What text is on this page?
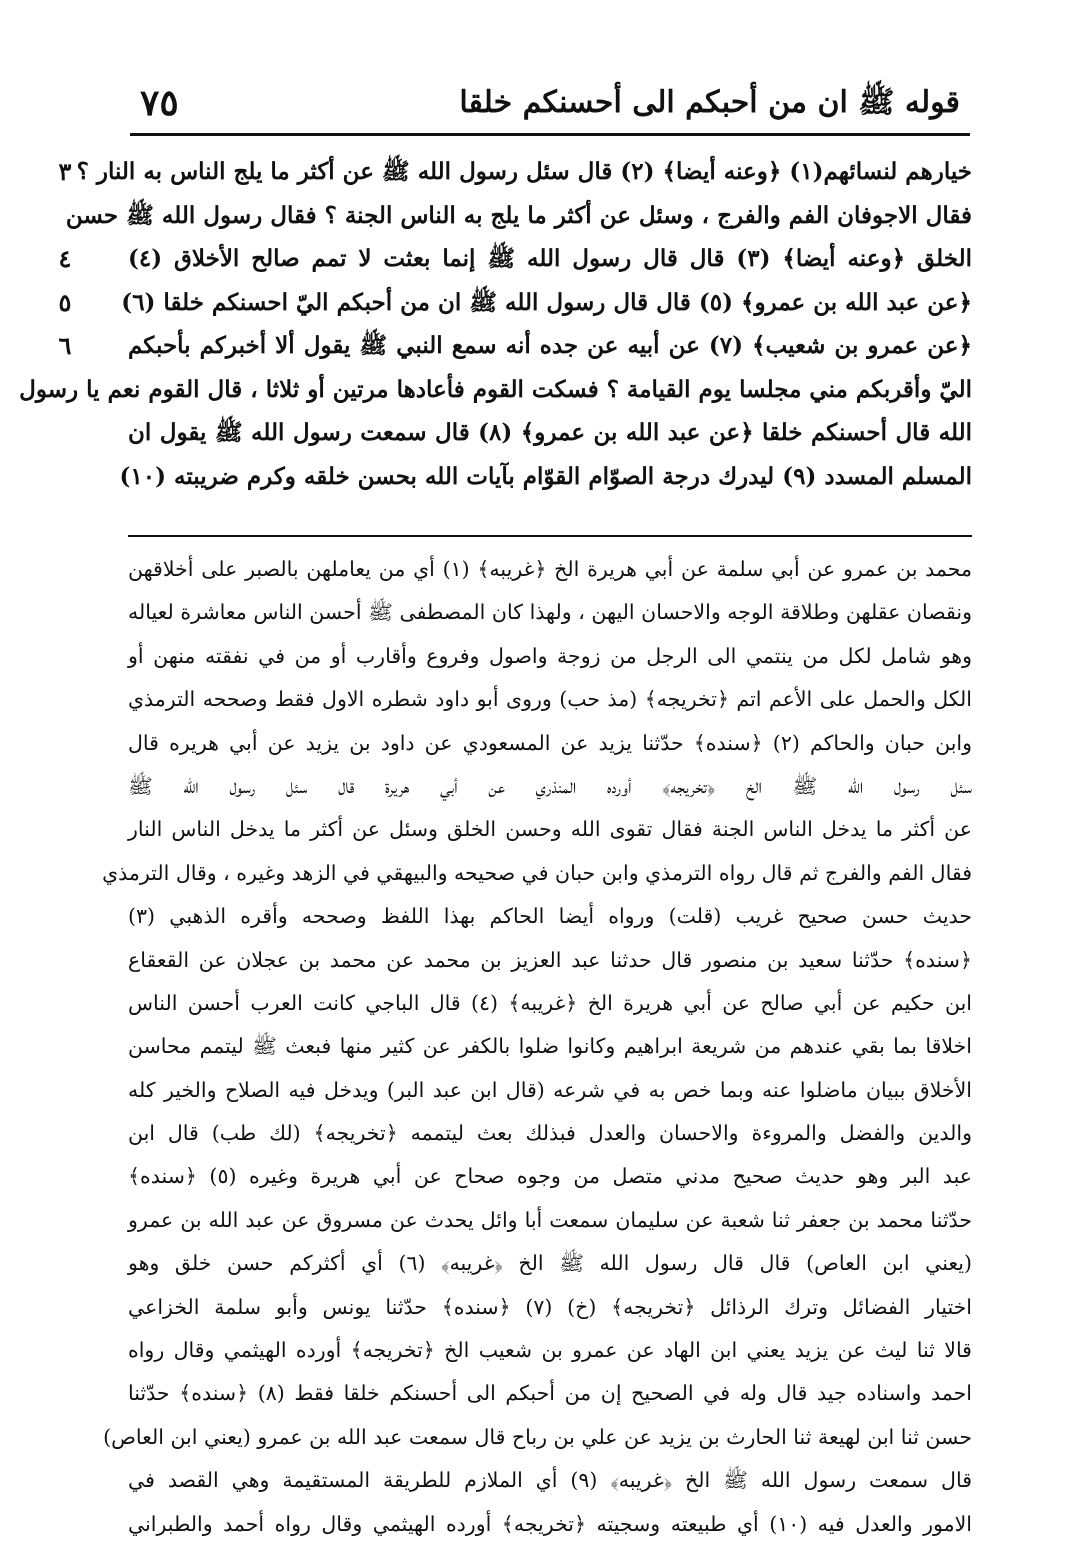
قوله ﷺ ان من أحبكم الى أحسنكم خلقا
٧٥
٣
٤
٥
٦
خيارهم لنسائهم(١) ﴿وعنه أيضا﴾ (٢) قال سئل رسول الله ﷺ عن أكثر ما يلج الناس به النار ؟
فقال الاجوفان الفم والفرج ، وسئل عن أكثر ما يلج به الناس الجنة ؟ فقال رسول الله ﷺ حسن
الخلق ﴿وعنه أيضا﴾ (٣) قال قال رسول الله ﷺ إنما بعثت لا تمم صالح الأخلاق (٤)
﴿عن عبد الله بن عمرو﴾ (٥) قال قال رسول الله ﷺ ان من أحبكم اليّ احسنكم خلقا (٦)
﴿عن عمرو بن شعيب﴾ (٧) عن أبيه عن جده أنه سمع النبي ﷺ يقول ألا أخبركم بأحبكم
اليّ وأقربكم مني مجلسا يوم القيامة ؟ فسكت القوم فأعادها مرتين أو ثلاثا ، قال القوم نعم يا رسول
الله قال أحسنكم خلقا ﴿عن عبد الله بن عمرو﴾ (٨) قال سمعت رسول الله ﷺ يقول ان
المسلم المسدد (٩) ليدرك درجة الصوّام القوّام بآيات الله بحسن خلقه وكرم ضريبته (١٠)
محمد بن عمرو عن أبي سلمة عن أبي هريرة الخ ﴿غريبه﴾ (١) أي من يعاملهن بالصبر على أخلاقهن
ونقصان عقلهن وطلاقة الوجه والاحسان اليهن ، ولهذا كان المصطفى ﷺ أحسن الناس معاشرة لعياله
وهو شامل لكل من ينتمي الى الرجل من زوجة واصول وفروع وأقارب أو من في نفقته منهن أو
الكل والحمل على الأعم اتم ﴿تخريجه﴾ (مذ حب) وروى أبو داود شطره الاول فقط وصححه الترمذي
وابن حبان والحاكم (٢) ﴿سنده﴾ حدّثنا يزيد عن المسعودي عن داود بن يزيد عن أبي هريره قال
سئل رسول الله ﷺ الخ ﴿تخريجه﴾ أورده المنذري عن أبي هريرة قال سئل رسول الله ﷺ
عن أكثر ما يدخل الناس الجنة فقال تقوى الله وحسن الخلق وسئل عن أكثر ما يدخل الناس النار
فقال الفم والفرج ثم قال رواه الترمذي وابن حبان في صحيحه والبيهقي في الزهد وغيره ، وقال الترمذي
حديث حسن صحيح غريب (قلت) ورواه أيضا الحاكم بهذا اللفظ وصححه وأقره الذهبي (٣)
﴿سنده﴾ حدّثنا سعيد بن منصور قال حدثنا عبد العزيز بن محمد عن محمد بن عجلان عن القعقاع
ابن حكيم عن أبي صالح عن أبي هريرة الخ ﴿غريبه﴾ (٤) قال الباجي كانت العرب أحسن الناس
اخلاقا بما بقي عندهم من شريعة ابراهيم وكانوا ضلوا بالكفر عن كثير منها فبعث ﷺ ليتمم محاسن
الأخلاق ببيان ماضلوا عنه وبما خص به في شرعه (قال ابن عبد البر) ويدخل فيه الصلاح والخير كله
والدين والفضل والمروءة والاحسان والعدل فبذلك بعث ليتممه ﴿تخريجه﴾ (لك طب) قال ابن
عبد البر وهو حديث صحيح مدني متصل من وجوه صحاح عن أبي هريرة وغيره (٥) ﴿سنده﴾
حدّثنا محمد بن جعفر ثنا شعبة عن سليمان سمعت أبا وائل يحدث عن مسروق عن عبد الله بن عمرو
(يعني ابن العاص) قال قال رسول الله ﷺ الخ ﴿غريبه﴾ (٦) أي أكثركم حسن خلق وهو
اختيار الفضائل وترك الرذائل ﴿تخريجه﴾ (خ) (٧) ﴿سنده﴾ حدّثنا يونس وأبو سلمة الخزاعي
قالا ثنا ليث عن يزيد يعني ابن الهاد عن عمرو بن شعيب الخ ﴿تخريجه﴾ أورده الهيثمي وقال رواه
احمد واسناده جيد قال وله في الصحيح إن من أحبكم الى أحسنكم خلقا فقط (٨) ﴿سنده﴾ حدّثنا
حسن ثنا ابن لهيعة ثنا الحارث بن يزيد عن علي بن رباح قال سمعت عبد الله بن عمرو (يعني ابن العاص)
قال سمعت رسول الله ﷺ الخ ﴿غريبه﴾ (٩) أي الملازم للطريقة المستقيمة وهي القصد في
الامور والعدل فيه (١٠) أي طبيعته وسجيته ﴿تخريجه﴾ أورده الهيثمي وقال رواه أحمد والطبراني
